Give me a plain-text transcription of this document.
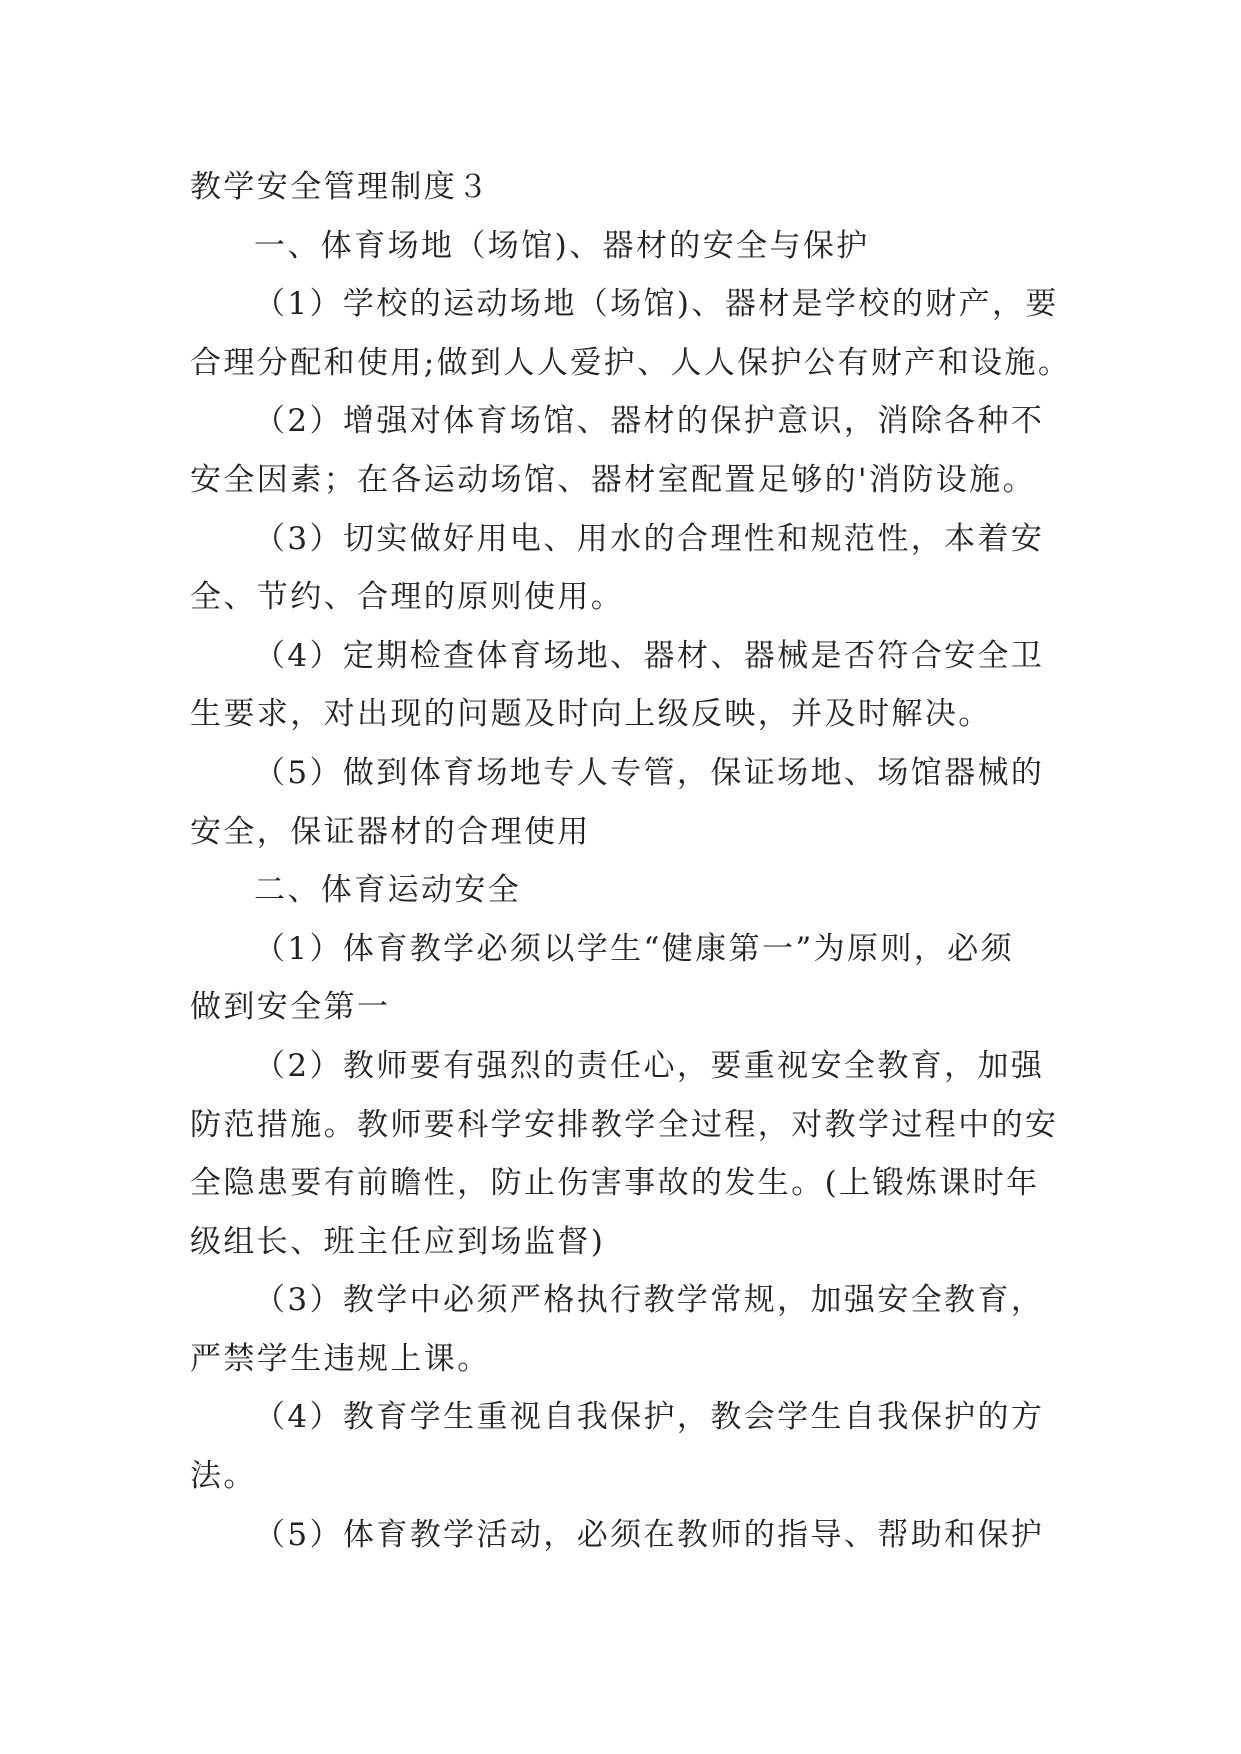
教学安全管理制度３
一、体育场地（场馆)、器材的安全与保护
（1）学校的运动场地（场馆)、器材是学校的财产，要
合理分配和使用;做到人人爱护、人人保护公有财产和设施。
（2）增强对体育场馆、器材的保护意识，消除各种不
安全因素；在各运动场馆、器材室配置足够的'消防设施。
（3）切实做好用电、用水的合理性和规范性，本着安
全、节约、合理的原则使用。
（4）定期检查体育场地、器材、器械是否符合安全卫
生要求，对出现的问题及时向上级反映，并及时解决。
（5）做到体育场地专人专管，保证场地、场馆器械的
安全，保证器材的合理使用
二、体育运动安全
（1）体育教学必须以学生“健康第一”为原则，必须
做到安全第一
（2）教师要有强烈的责任心，要重视安全教育，加强
防范措施。教师要科学安排教学全过程，对教学过程中的安
全隐患要有前瞻性，防止伤害事故的发生。(上锻炼课时年
级组长、班主任应到场监督)
（3）教学中必须严格执行教学常规，加强安全教育，
严禁学生违规上课。
（4）教育学生重视自我保护，教会学生自我保护的方
法。
（5）体育教学活动，必须在教师的指导、帮助和保护
